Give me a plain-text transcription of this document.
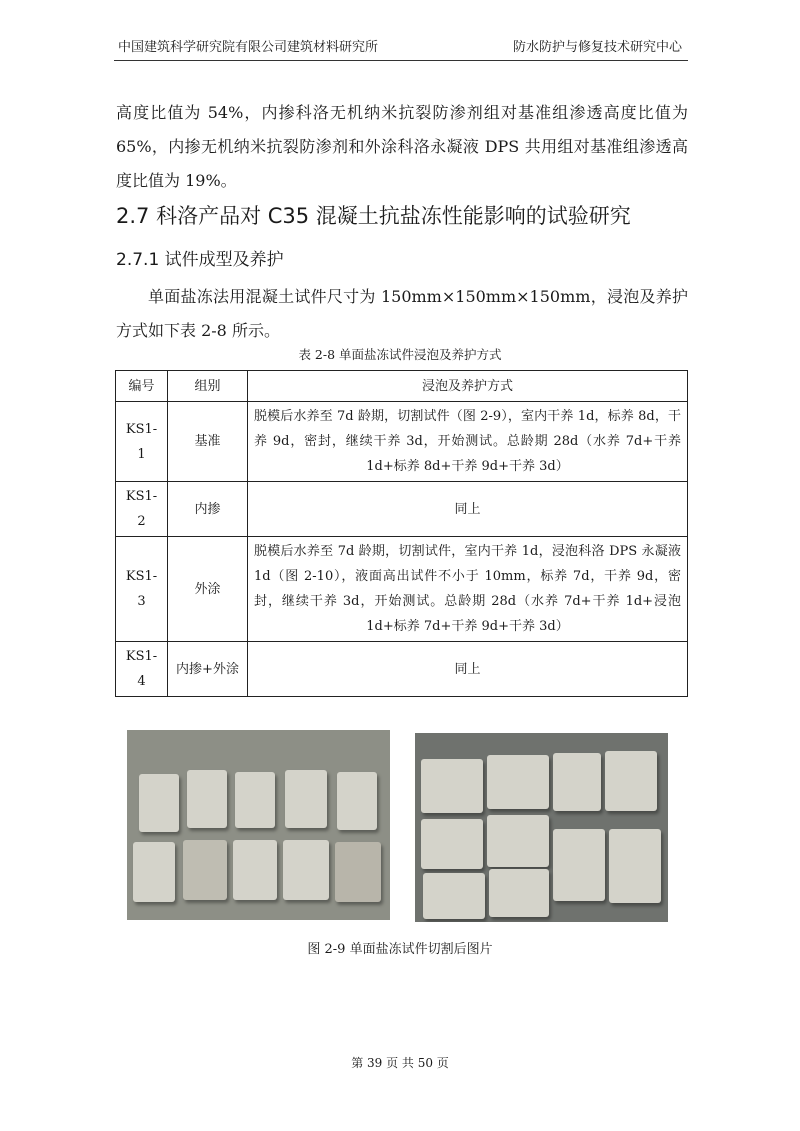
中国建筑科学研究院有限公司建筑材料研究所	防水防护与修复技术研究中心
高度比值为 54%，内掺科洛无机纳米抗裂防渗剂组对基准组渗透高度比值为 65%，内掺无机纳米抗裂防渗剂和外涂科洛永凝液 DPS 共用组对基准组渗透高度比值为 19%。
2.7 科洛产品对 C35 混凝土抗盐冻性能影响的试验研究
2.7.1 试件成型及养护
单面盐冻法用混凝土试件尺寸为 150mm×150mm×150mm，浸泡及养护方式如下表 2-8 所示。
表 2-8 单面盐冻试件浸泡及养护方式
编号	组别	浸泡及养护方式
KS1-1	基准	脱模后水养至 7d 龄期，切割试件（图 2-9），室内干养 1d，标养 8d，干养 9d，密封，继续干养 3d，开始测试。总龄期 28d（水养 7d+干养 1d+标养 8d+干养 9d+干养 3d）
KS1-2	内掺	同上
KS1-3	外涂	脱模后水养至 7d 龄期，切割试件，室内干养 1d，浸泡科洛 DPS 永凝液 1d（图 2-10），液面高出试件不小于 10mm，标养 7d，干养 9d，密封，继续干养 3d，开始测试。总龄期 28d（水养 7d+干养 1d+浸泡 1d+标养 7d+干养 9d+干养 3d）
KS1-4	内掺+外涂	同上
图 2-9 单面盐冻试件切割后图片
第 39 页 共 50 页
